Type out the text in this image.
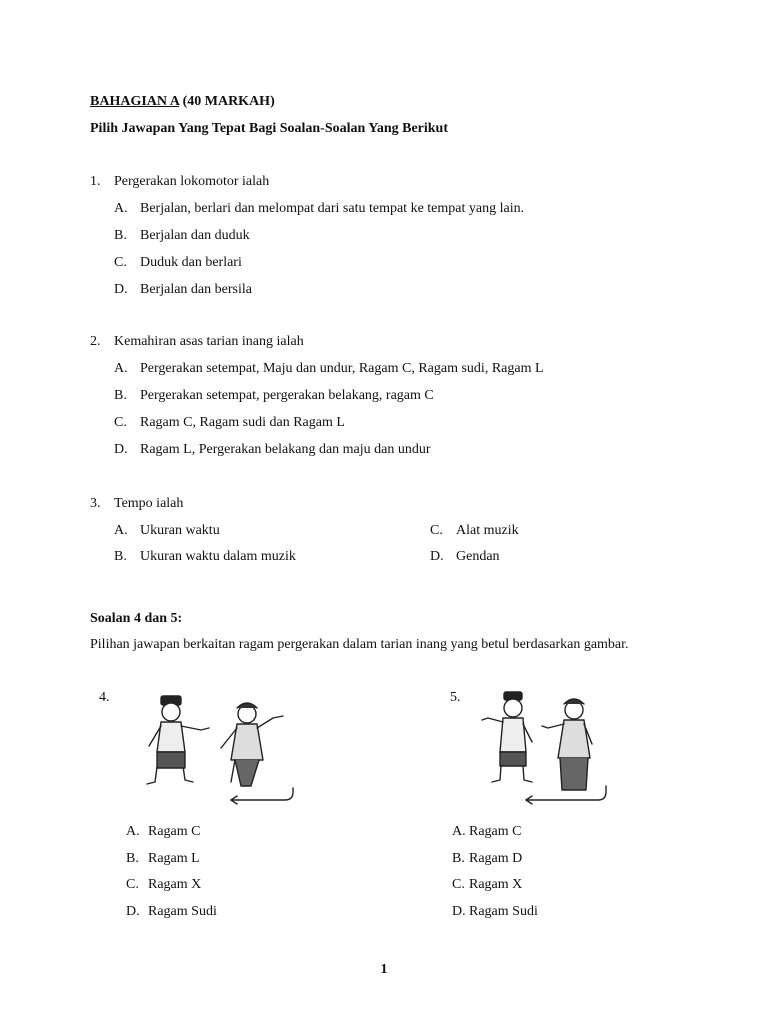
BAHAGIAN A (40 MARKAH)
Pilih Jawapan Yang Tepat Bagi Soalan-Soalan Yang Berikut
1. Pergerakan lokomotor ialah
A. Berjalan, berlari dan melompat dari satu tempat ke tempat yang lain.
B. Berjalan dan duduk
C. Duduk dan berlari
D. Berjalan dan bersila
2. Kemahiran asas tarian inang ialah
A. Pergerakan setempat, Maju dan undur, Ragam C, Ragam sudi, Ragam L
B. Pergerakan setempat, pergerakan belakang, ragam C
C. Ragam C, Ragam sudi dan Ragam L
D. Ragam L, Pergerakan belakang dan maju dan undur
3. Tempo ialah
A. Ukuran waktu
B. Ukuran waktu dalam muzik
C. Alat muzik
D. Gendan
Soalan 4 dan 5:
Pilihan jawapan berkaitan ragam pergerakan dalam tarian inang yang betul berdasarkan gambar.
4.
A. Ragam C
B. Ragam L
C. Ragam X
D. Ragam Sudi
5.
A. Ragam C
B. Ragam D
C. Ragam X
D. Ragam Sudi
1
